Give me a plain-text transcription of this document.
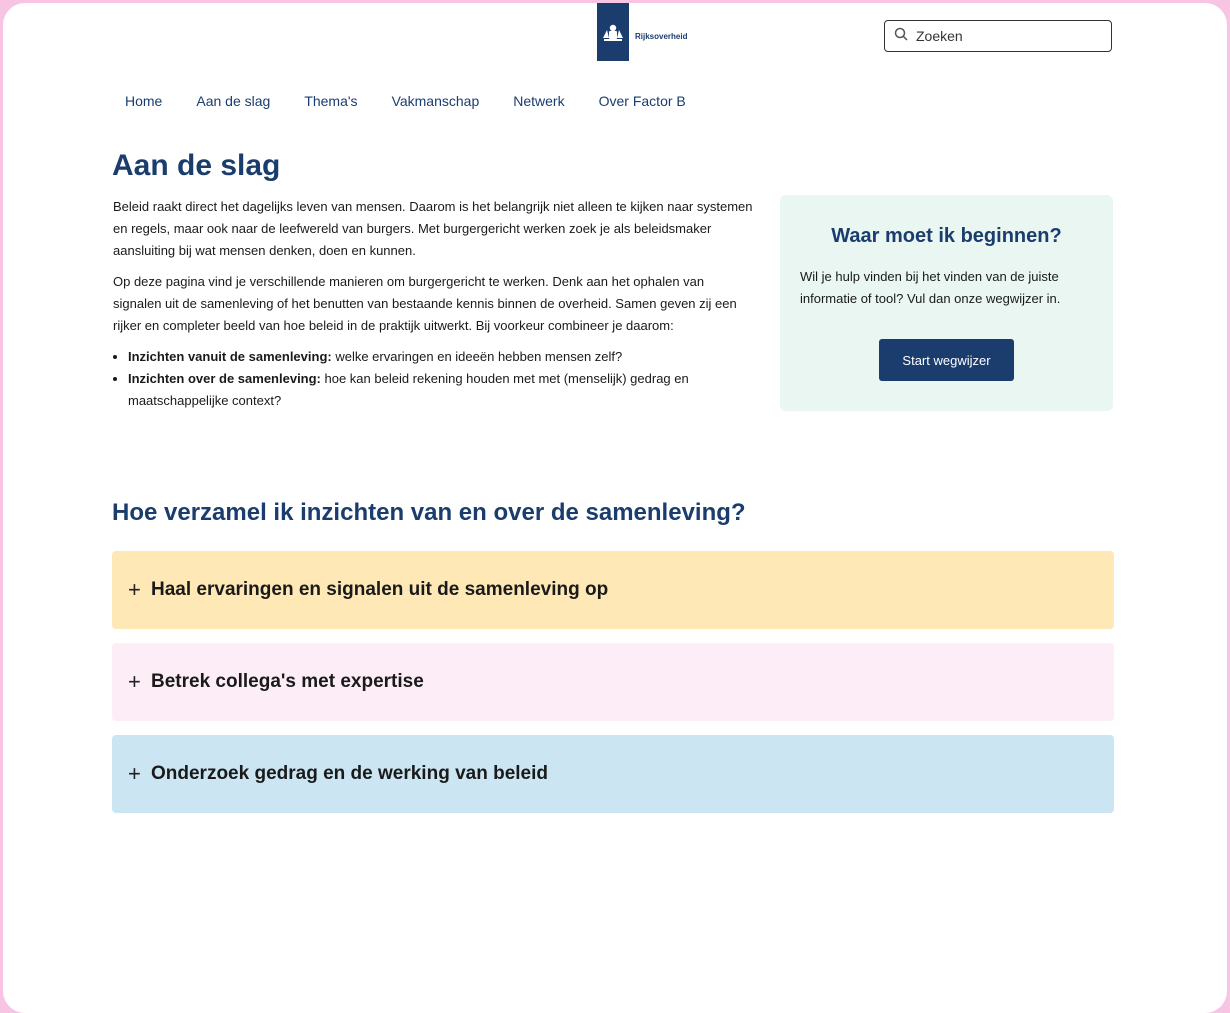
Rijksoverheid
Zoeken
Home Aan de slag Thema's Vakmanschap Netwerk Over Factor B
Aan de slag

Beleid raakt direct het dagelijks leven van mensen. Daarom is het belangrijk niet alleen te kijken naar systemen en regels, maar ook naar de leefwereld van burgers. Met burgergericht werken zoek je als beleidsmaker aansluiting bij wat mensen denken, doen en kunnen.

Op deze pagina vind je verschillende manieren om burgergericht te werken. Denk aan het ophalen van signalen uit de samenleving of het benutten van bestaande kennis binnen de overheid. Samen geven zij een rijker en completer beeld van hoe beleid in de praktijk uitwerkt. Bij voorkeur combineer je daarom:

• Inzichten vanuit de samenleving: welke ervaringen en ideeën hebben mensen zelf?
• Inzichten over de samenleving: hoe kan beleid rekening houden met met (menselijk) gedrag en maatschappelijke context?
Waar moet ik beginnen?

Wil je hulp vinden bij het vinden van de juiste informatie of tool? Vul dan onze wegwijzer in.

Start wegwijzer
Hoe verzamel ik inzichten van en over de samenleving?
+ Haal ervaringen en signalen uit de samenleving op
+ Betrek collega's met expertise
+ Onderzoek gedrag en de werking van beleid
